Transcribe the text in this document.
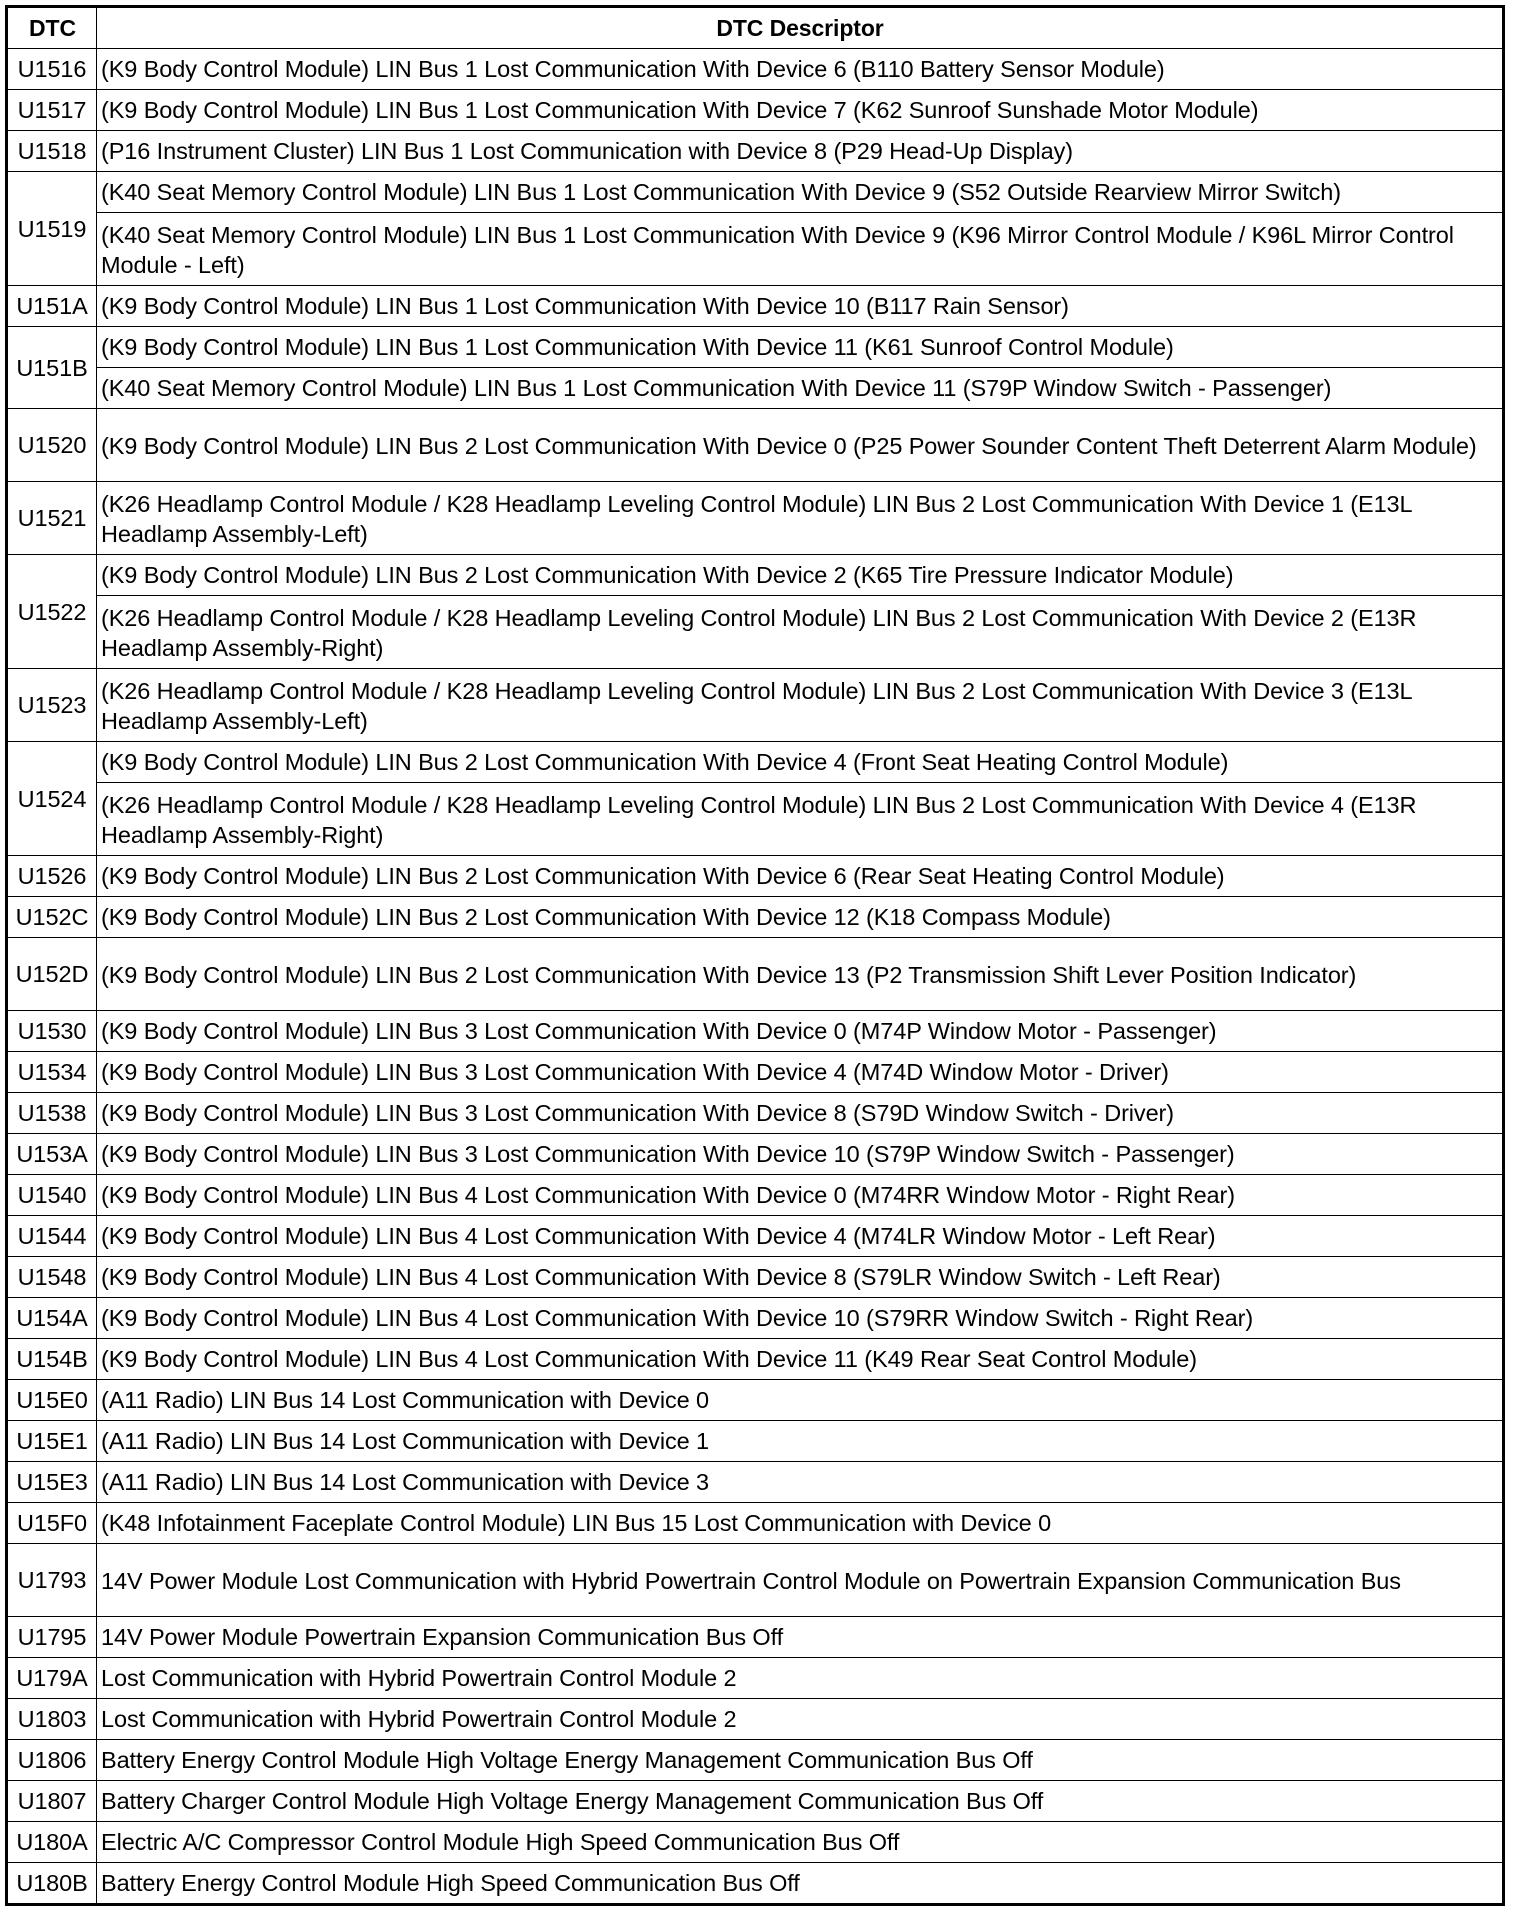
DTC	DTC Descriptor
U1516	(K9 Body Control Module) LIN Bus 1 Lost Communication With Device 6 (B110 Battery Sensor Module)
U1517	(K9 Body Control Module) LIN Bus 1 Lost Communication With Device 7 (K62 Sunroof Sunshade Motor Module)
U1518	(P16 Instrument Cluster) LIN Bus 1 Lost Communication with Device 8 (P29 Head-Up Display)
U1519	(K40 Seat Memory Control Module) LIN Bus 1 Lost Communication With Device 9 (S52 Outside Rearview Mirror Switch)
	(K40 Seat Memory Control Module) LIN Bus 1 Lost Communication With Device 9 (K96 Mirror Control Module / K96L Mirror Control Module - Left)
U151A	(K9 Body Control Module) LIN Bus 1 Lost Communication With Device 10 (B117 Rain Sensor)
U151B	(K9 Body Control Module) LIN Bus 1 Lost Communication With Device 11 (K61 Sunroof Control Module)
	(K40 Seat Memory Control Module) LIN Bus 1 Lost Communication With Device 11 (S79P Window Switch - Passenger)
U1520	(K9 Body Control Module) LIN Bus 2 Lost Communication With Device 0 (P25 Power Sounder Content Theft Deterrent Alarm Module)
U1521	(K26 Headlamp Control Module / K28 Headlamp Leveling Control Module) LIN Bus 2 Lost Communication With Device 1 (E13L Headlamp Assembly-Left)
U1522	(K9 Body Control Module) LIN Bus 2 Lost Communication With Device 2 (K65 Tire Pressure Indicator Module)
	(K26 Headlamp Control Module / K28 Headlamp Leveling Control Module) LIN Bus 2 Lost Communication With Device 2 (E13R Headlamp Assembly-Right)
U1523	(K26 Headlamp Control Module / K28 Headlamp Leveling Control Module) LIN Bus 2 Lost Communication With Device 3 (E13L Headlamp Assembly-Left)
U1524	(K9 Body Control Module) LIN Bus 2 Lost Communication With Device 4 (Front Seat Heating Control Module)
	(K26 Headlamp Control Module / K28 Headlamp Leveling Control Module) LIN Bus 2 Lost Communication With Device 4 (E13R Headlamp Assembly-Right)
U1526	(K9 Body Control Module) LIN Bus 2 Lost Communication With Device 6 (Rear Seat Heating Control Module)
U152C	(K9 Body Control Module) LIN Bus 2 Lost Communication With Device 12 (K18 Compass Module)
U152D	(K9 Body Control Module) LIN Bus 2 Lost Communication With Device 13 (P2 Transmission Shift Lever Position Indicator)
U1530	(K9 Body Control Module) LIN Bus 3 Lost Communication With Device 0 (M74P Window Motor - Passenger)
U1534	(K9 Body Control Module) LIN Bus 3 Lost Communication With Device 4 (M74D Window Motor - Driver)
U1538	(K9 Body Control Module) LIN Bus 3 Lost Communication With Device 8 (S79D Window Switch - Driver)
U153A	(K9 Body Control Module) LIN Bus 3 Lost Communication With Device 10 (S79P Window Switch - Passenger)
U1540	(K9 Body Control Module) LIN Bus 4 Lost Communication With Device 0 (M74RR Window Motor - Right Rear)
U1544	(K9 Body Control Module) LIN Bus 4 Lost Communication With Device 4 (M74LR Window Motor - Left Rear)
U1548	(K9 Body Control Module) LIN Bus 4 Lost Communication With Device 8 (S79LR Window Switch - Left Rear)
U154A	(K9 Body Control Module) LIN Bus 4 Lost Communication With Device 10 (S79RR Window Switch - Right Rear)
U154B	(K9 Body Control Module) LIN Bus 4 Lost Communication With Device 11 (K49 Rear Seat Control Module)
U15E0	(A11 Radio) LIN Bus 14 Lost Communication with Device 0
U15E1	(A11 Radio) LIN Bus 14 Lost Communication with Device 1
U15E3	(A11 Radio) LIN Bus 14 Lost Communication with Device 3
U15F0	(K48 Infotainment Faceplate Control Module) LIN Bus 15 Lost Communication with Device 0
U1793	14V Power Module Lost Communication with Hybrid Powertrain Control Module on Powertrain Expansion Communication Bus
U1795	14V Power Module Powertrain Expansion Communication Bus Off
U179A	Lost Communication with Hybrid Powertrain Control Module 2
U1803	Lost Communication with Hybrid Powertrain Control Module 2
U1806	Battery Energy Control Module High Voltage Energy Management Communication Bus Off
U1807	Battery Charger Control Module High Voltage Energy Management Communication Bus Off
U180A	Electric A/C Compressor Control Module High Speed Communication Bus Off
U180B	Battery Energy Control Module High Speed Communication Bus Off
